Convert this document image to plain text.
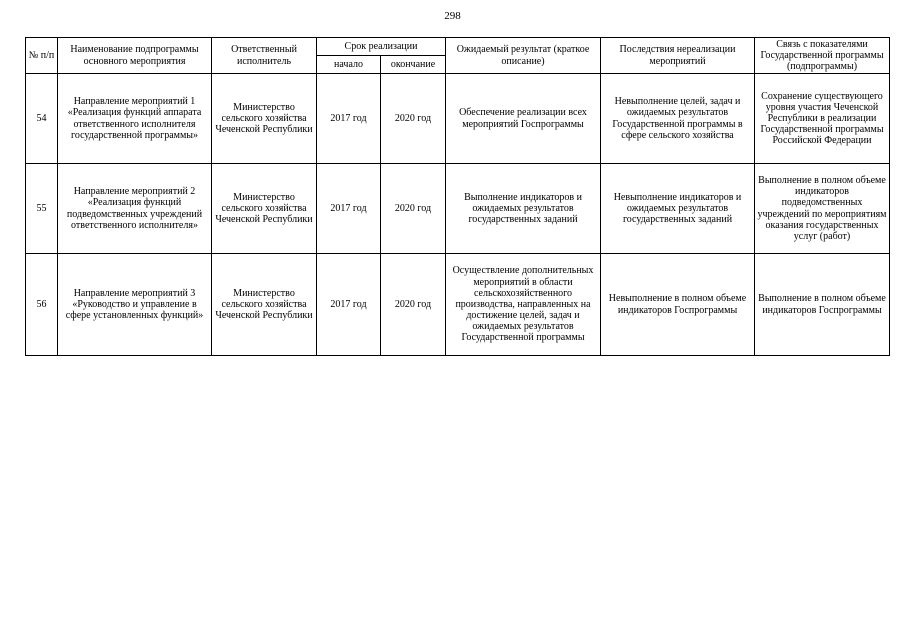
298
№ п/п	Наименование подпрограммы основного мероприятия	Ответственный исполнитель	Срок реализации		Ожидаемый результат (краткое описание)	Последствия нереализации мероприятий	Связь с показателями Государственной программы (подпрограммы)
			начало	окончание			
54	Направление мероприятий 1 «Реализация функций аппарата ответственного исполнителя государственной программы»	Министерство сельского хозяйства Чеченской Республики	2017 год	2020 год	Обеспечение реализации всех мероприятий Госпрограммы	Невыполнение целей, задач и ожидаемых результатов Государственной программы в сфере сельского хозяйства	Сохранение существующего уровня участия Чеченской Республики в реализации Государственной программы Российской Федерации
55	Направление мероприятий 2 «Реализация функций подведомственных учреждений ответственного исполнителя»	Министерство сельского хозяйства Чеченской Республики	2017 год	2020 год	Выполнение индикаторов и ожидаемых результатов государственных заданий	Невыполнение индикаторов и ожидаемых результатов государственных заданий	Выполнение в полном объеме индикаторов подведомственных учреждений по мероприятиям оказания государственных услуг (работ)
56	Направление мероприятий 3 «Руководство и управление в сфере установленных функций»	Министерство сельского хозяйства Чеченской Республики	2017 год	2020 год	Осуществление дополнительных мероприятий в области сельскохозяйственного производства, направленных на достижение целей, задач и ожидаемых результатов Государственной программы	Невыполнение в полном объеме индикаторов Госпрограммы	Выполнение в полном объеме индикаторов Госпрограммы
